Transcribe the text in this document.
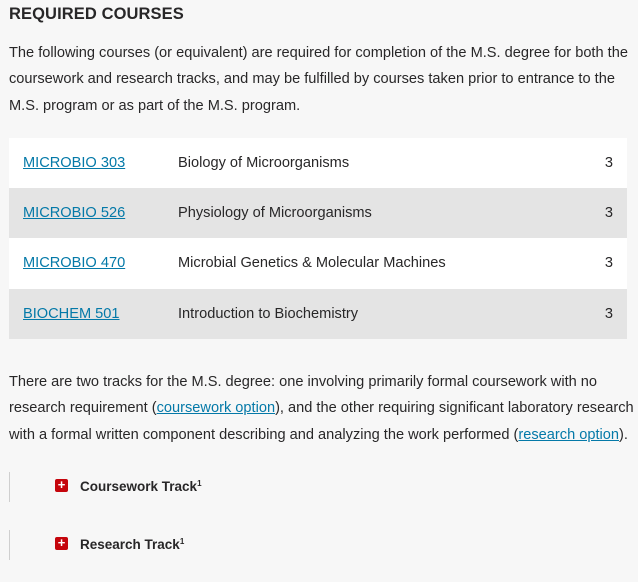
REQUIRED COURSES

The following courses (or equivalent) are required for completion of the M.S. degree for both the coursework and research tracks, and may be fulfilled by courses taken prior to entrance to the M.S. program or as part of the M.S. program.

MICROBIO 303	Biology of Microorganisms	3
MICROBIO 526	Physiology of Microorganisms	3
MICROBIO 470	Microbial Genetics & Molecular Machines	3
BIOCHEM 501	Introduction to Biochemistry	3

There are two tracks for the M.S. degree: one involving primarily formal coursework with no research requirement (coursework option), and the other requiring significant laboratory research with a formal written component describing and analyzing the work performed (research option).

+ Coursework Track$^1$
+ Research Track$^1$
